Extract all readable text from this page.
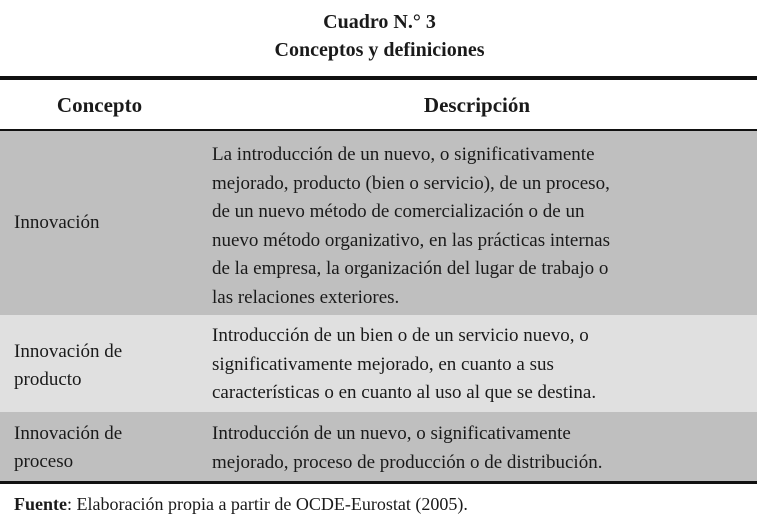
Cuadro N.° 3
Conceptos y definiciones
Concepto	Descripción
Innovación
La introducción de un nuevo, o significativamente
mejorado, producto (bien o servicio), de un proceso,
de un nuevo método de comercialización o de un
nuevo método organizativo, en las prácticas internas
de la empresa, la organización del lugar de trabajo o
las relaciones exteriores.
Innovación de
producto
Introducción de un bien o de un servicio nuevo, o
significativamente mejorado, en cuanto a sus
características o en cuanto al uso al que se destina.
Innovación de
proceso
Introducción de un nuevo, o significativamente
mejorado, proceso de producción o de distribución.
Fuente: Elaboración propia a partir de OCDE-Eurostat (2005).
